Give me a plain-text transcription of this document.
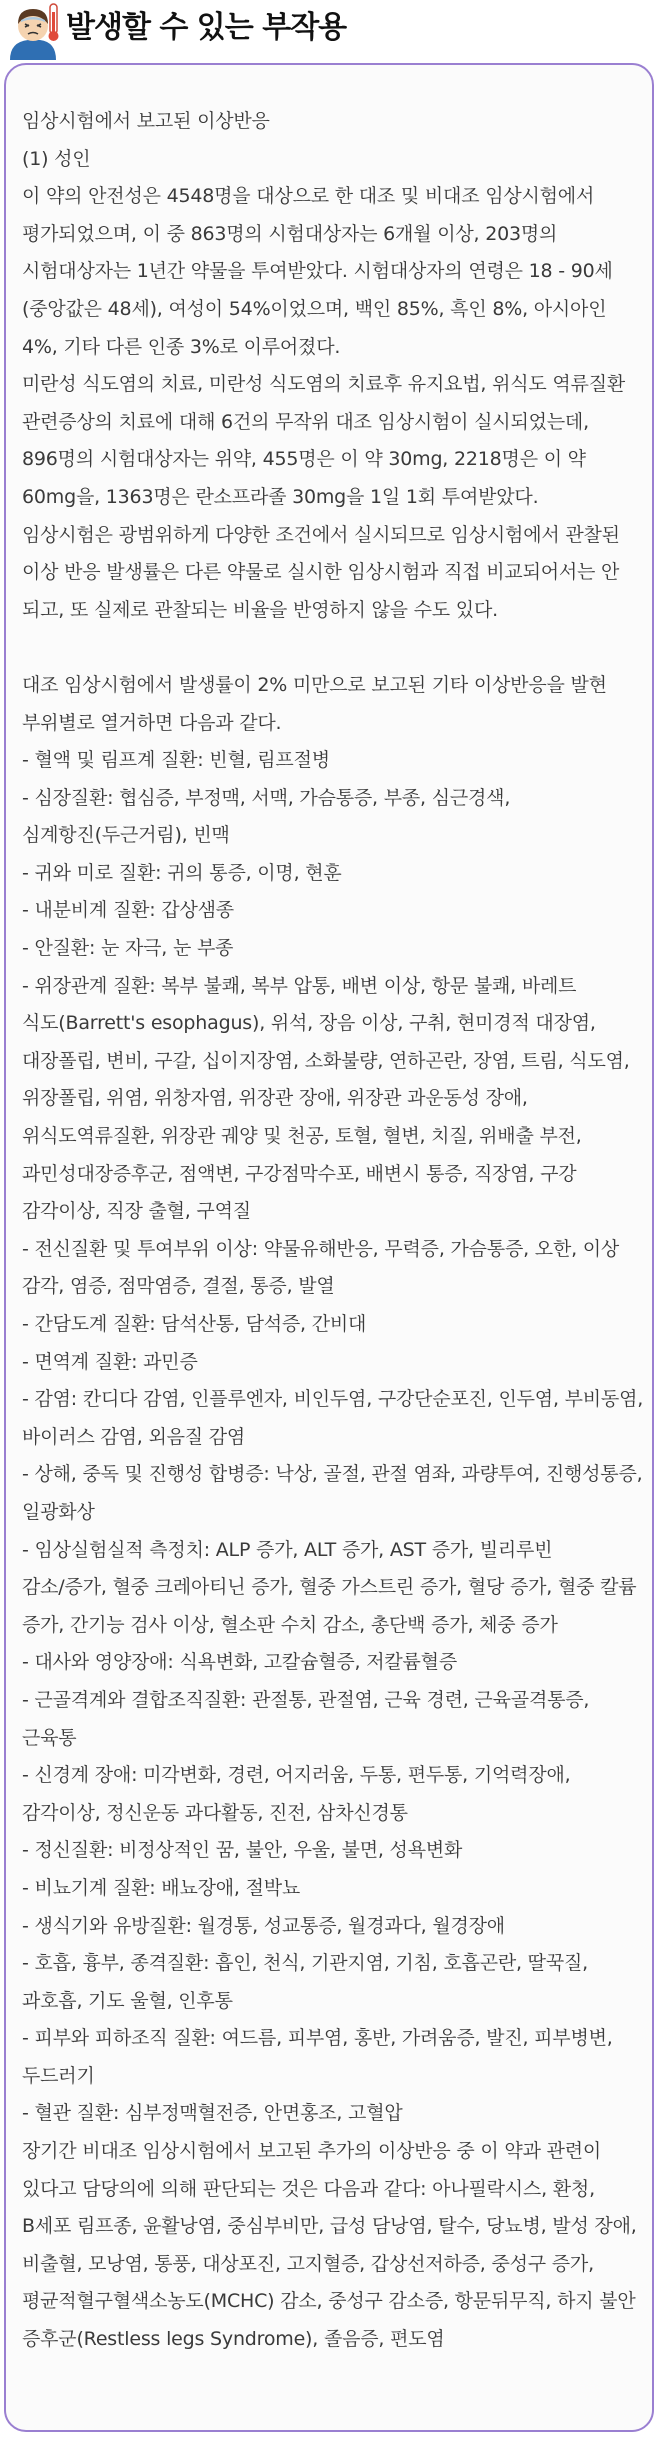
발생할 수 있는 부작용
임상시험에서 보고된 이상반응
(1) 성인
이 약의 안전성은 4548명을 대상으로 한 대조 및 비대조 임상시험에서
평가되었으며, 이 중 863명의 시험대상자는 6개월 이상, 203명의
시험대상자는 1년간 약물을 투여받았다. 시험대상자의 연령은 18 - 90세
(중앙값은 48세), 여성이 54%이었으며, 백인 85%, 흑인 8%, 아시아인
4%, 기타 다른 인종 3%로 이루어졌다.
미란성 식도염의 치료, 미란성 식도염의 치료후 유지요법, 위식도 역류질환
관련증상의 치료에 대해 6건의 무작위 대조 임상시험이 실시되었는데,
896명의 시험대상자는 위약, 455명은 이 약 30mg, 2218명은 이 약
60mg을, 1363명은 란소프라졸 30mg을 1일 1회 투여받았다.
임상시험은 광범위하게 다양한 조건에서 실시되므로 임상시험에서 관찰된
이상 반응 발생률은 다른 약물로 실시한 임상시험과 직접 비교되어서는 안
되고, 또 실제로 관찰되는 비율을 반영하지 않을 수도 있다.
대조 임상시험에서 발생률이 2% 미만으로 보고된 기타 이상반응을 발현
부위별로 열거하면 다음과 같다.
- 혈액 및 림프계 질환: 빈혈, 림프절병
- 심장질환: 협심증, 부정맥, 서맥, 가슴통증, 부종, 심근경색,
심계항진(두근거림), 빈맥
- 귀와 미로 질환: 귀의 통증, 이명, 현훈
- 내분비계 질환: 갑상샘종
- 안질환: 눈 자극, 눈 부종
- 위장관계 질환: 복부 불쾌, 복부 압통, 배변 이상, 항문 불쾌, 바레트
식도(Barrett's esophagus), 위석, 장음 이상, 구취, 현미경적 대장염,
대장폴립, 변비, 구갈, 십이지장염, 소화불량, 연하곤란, 장염, 트림, 식도염,
위장폴립, 위염, 위창자염, 위장관 장애, 위장관 과운동성 장애,
위식도역류질환, 위장관 궤양 및 천공, 토혈, 혈변, 치질, 위배출 부전,
과민성대장증후군, 점액변, 구강점막수포, 배변시 통증, 직장염, 구강
감각이상, 직장 출혈, 구역질
- 전신질환 및 투여부위 이상: 약물유해반응, 무력증, 가슴통증, 오한, 이상
감각, 염증, 점막염증, 결절, 통증, 발열
- 간담도계 질환: 담석산통, 담석증, 간비대
- 면역계 질환: 과민증
- 감염: 칸디다 감염, 인플루엔자, 비인두염, 구강단순포진, 인두염, 부비동염,
바이러스 감염, 외음질 감염
- 상해, 중독 및 진행성 합병증: 낙상, 골절, 관절 염좌, 과량투여, 진행성통증,
일광화상
- 임상실험실적 측정치: ALP 증가, ALT 증가, AST 증가, 빌리루빈
감소/증가, 혈중 크레아티닌 증가, 혈중 가스트린 증가, 혈당 증가, 혈중 칼륨
증가, 간기능 검사 이상, 혈소판 수치 감소, 총단백 증가, 체중 증가
- 대사와 영양장애: 식욕변화, 고칼슘혈증, 저칼륨혈증
- 근골격계와 결합조직질환: 관절통, 관절염, 근육 경련, 근육골격통증,
근육통
- 신경계 장애: 미각변화, 경련, 어지러움, 두통, 편두통, 기억력장애,
감각이상, 정신운동 과다활동, 진전, 삼차신경통
- 정신질환: 비정상적인 꿈, 불안, 우울, 불면, 성욕변화
- 비뇨기계 질환: 배뇨장애, 절박뇨
- 생식기와 유방질환: 월경통, 성교통증, 월경과다, 월경장애
- 호흡, 흉부, 종격질환: 흡인, 천식, 기관지염, 기침, 호흡곤란, 딸꾹질,
과호흡, 기도 울혈, 인후통
- 피부와 피하조직 질환: 여드름, 피부염, 홍반, 가려움증, 발진, 피부병변,
두드러기
- 혈관 질환: 심부정맥혈전증, 안면홍조, 고혈압
장기간 비대조 임상시험에서 보고된 추가의 이상반응 중 이 약과 관련이
있다고 담당의에 의해 판단되는 것은 다음과 같다: 아나필락시스, 환청,
B세포 림프종, 윤활낭염, 중심부비만, 급성 담낭염, 탈수, 당뇨병, 발성 장애,
비출혈, 모낭염, 통풍, 대상포진, 고지혈증, 갑상선저하증, 중성구 증가,
평균적혈구혈색소농도(MCHC) 감소, 중성구 감소증, 항문뒤무직, 하지 불안
증후군(Restless legs Syndrome), 졸음증, 편도염
